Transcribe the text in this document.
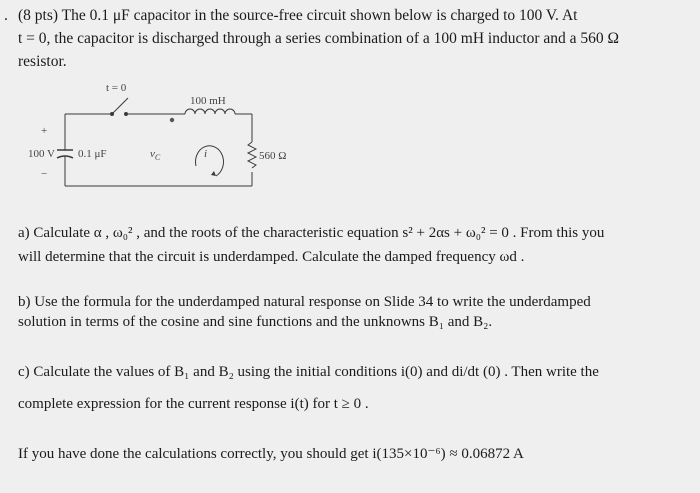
. (8 pts) The 0.1 μF capacitor in the source-free circuit shown below is charged to 100 V. At
t = 0, the capacitor is discharged through a series combination of a 100 mH inductor and a 560 Ω
resistor.
t = 0
100 mH
100 V 0.1 μF
+
−
$v_C$	i	560 Ω
a) Calculate α , ω₀² , and the roots of the characteristic equation s² + 2αs + ω₀² = 0 . From this you
will determine that the circuit is underdamped. Calculate the damped frequency ωd .
b) Use the formula for the underdamped natural response on Slide 34 to write the underdamped
solution in terms of the cosine and sine functions and the unknowns B₁ and B₂.
c) Calculate the values of B₁ and B₂ using the initial conditions i(0) and di/dt (0) . Then write the
complete expression for the current response i(t) for t ≥ 0 .
If you have done the calculations correctly, you should get i(135×10⁻⁶) ≈ 0.06872 A
